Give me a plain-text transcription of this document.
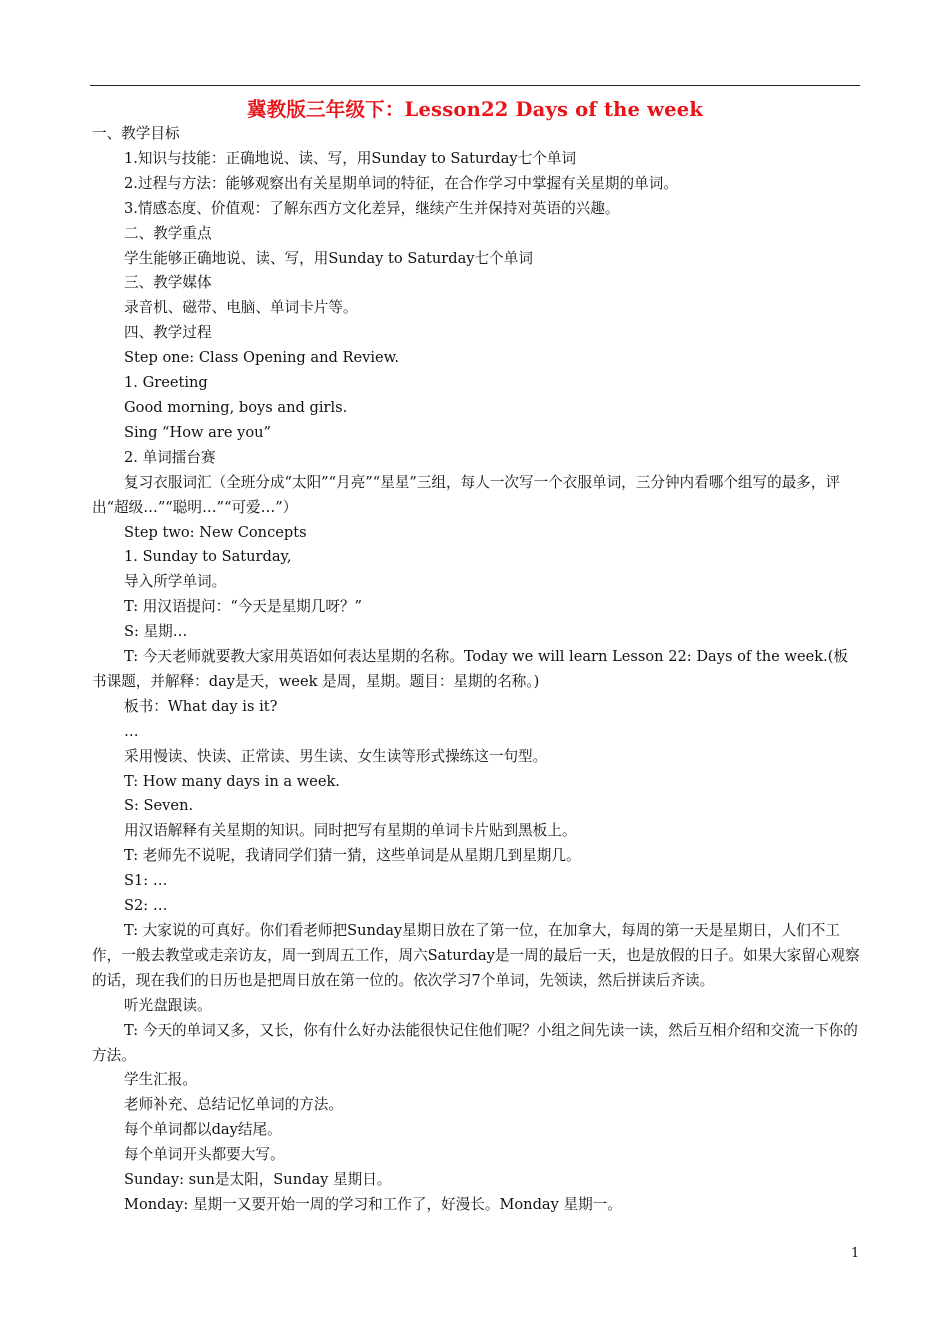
冀教版三年级下：Lesson22 Days of the week

一、教学目标

1.知识与技能：正确地说、读、写，用Sunday to Saturday七个单词

2.过程与方法：能够观察出有关星期单词的特征，在合作学习中掌握有关星期的单词。

3.情感态度、价值观：了解东西方文化差异，继续产生并保持对英语的兴趣。

二、教学重点

学生能够正确地说、读、写，用Sunday to Saturday七个单词

三、教学媒体

录音机、磁带、电脑、单词卡片等。

四、教学过程

Step one: Class Opening and Review.

1. Greeting

Good morning, boys and girls.

Sing “How are you”

2. 单词擂台赛

复习衣服词汇（全班分成“太阳”“月亮”“星星”三组，每人一次写一个衣服单词，三分钟内看哪个组写的最多，评出“超级…”“聪明…”“可爱…”）

Step two: New Concepts

1. Sunday to Saturday,

导入所学单词。

T: 用汉语提问：“今天是星期几呀？”

S: 星期…

T: 今天老师就要教大家用英语如何表达星期的名称。Today we will learn Lesson 22: Days of the week.(板书课题，并解释：day是天，week 是周，星期。题目：星期的名称。)

板书：What day is it?

…

采用慢读、快读、正常读、男生读、女生读等形式操练这一句型。

T: How many days in a week.

S: Seven.

用汉语解释有关星期的知识。同时把写有星期的单词卡片贴到黑板上。

T: 老师先不说呢，我请同学们猜一猜，这些单词是从星期几到星期几。

S1: …

S2: …

T: 大家说的可真好。你们看老师把Sunday星期日放在了第一位，在加拿大，每周的第一天是星期日，人们不工作，一般去教堂或走亲访友，周一到周五工作，周六Saturday是一周的最后一天，也是放假的日子。如果大家留心观察的话，现在我们的日历也是把周日放在第一位的。依次学习7个单词，先领读，然后拼读后齐读。

听光盘跟读。

T: 今天的单词又多，又长，你有什么好办法能很快记住他们呢？小组之间先读一读，然后互相介绍和交流一下你的方法。

学生汇报。

老师补充、总结记忆单词的方法。

每个单词都以day结尾。

每个单词开头都要大写。

Sunday: sun是太阳，Sunday 星期日。

Monday: 星期一又要开始一周的学习和工作了，好漫长。Monday 星期一。

1
